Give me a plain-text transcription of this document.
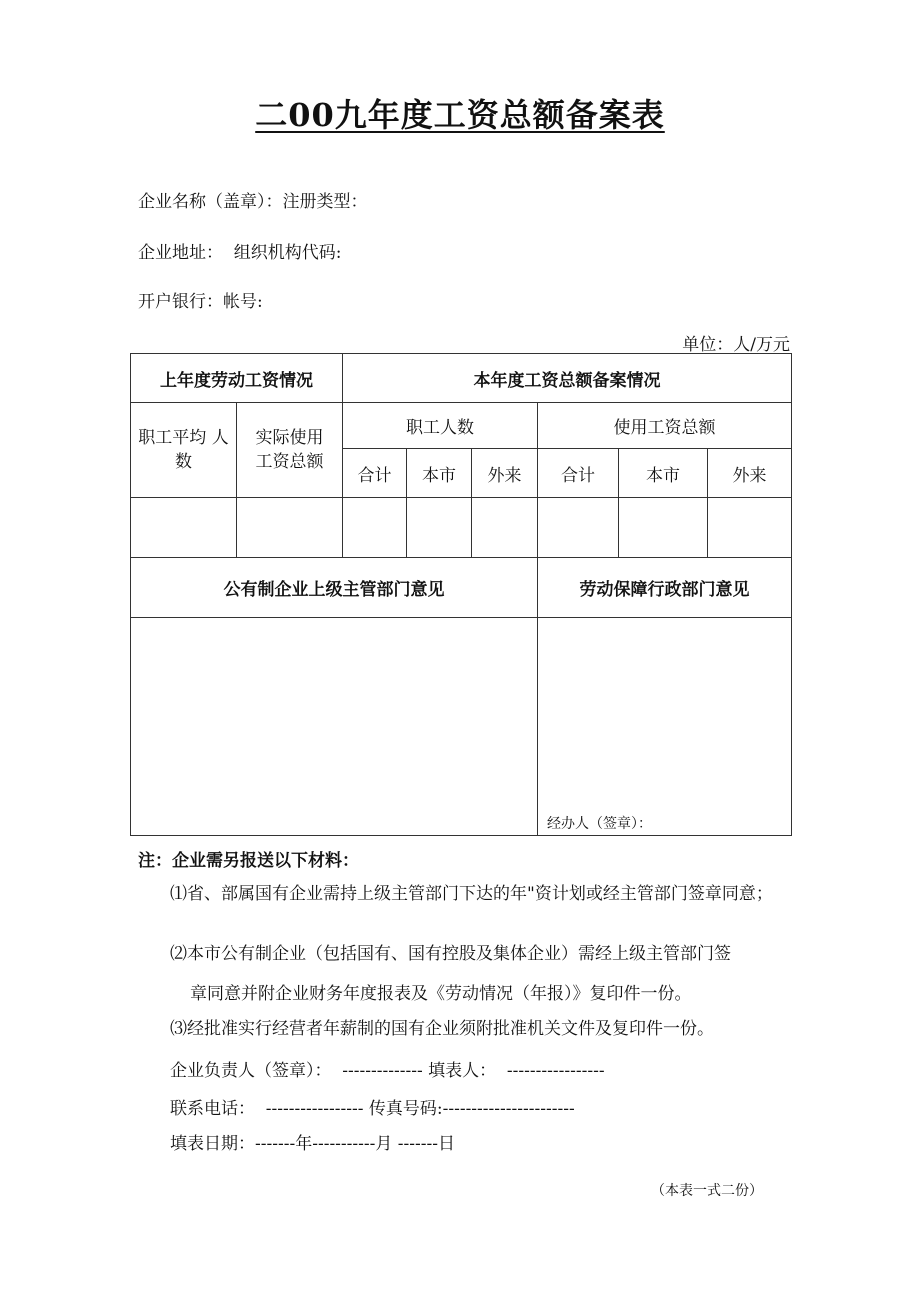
二00九年度工资总额备案表
企业名称（盖章）：注册类型：
企业地址：  组织机构代码:
开户银行：帐号:
单位：人/万元
上年度劳动工资情况		本年度工资总额备案情况					
职工平均 人数	实际使用工资总额	职工人数			使用工资总额		
		合计	本市	外来	合计	本市	外来

公有制企业上级主管部门意见					劳动保障行政部门意见		

					经办人（签章）：		
注：企业需另报送以下材料：
⑴省、部属国有企业需持上级主管部门下达的年"资计划或经主管部门签章同意；
⑵本市公有制企业（包括国有、国有控股及集体企业）需经上级主管部门签
章同意并附企业财务年度报表及《劳动情况（年报）》复印件一份。
⑶经批准实行经营者年薪制的国有企业须附批准机关文件及复印件一份。
企业负责人（签章）：  -------------- 填表人：  -----------------
联系电话：  ----------------- 传真号码:-----------------------
填表日期：-------年-----------月 -------日
（本表一式二份）
